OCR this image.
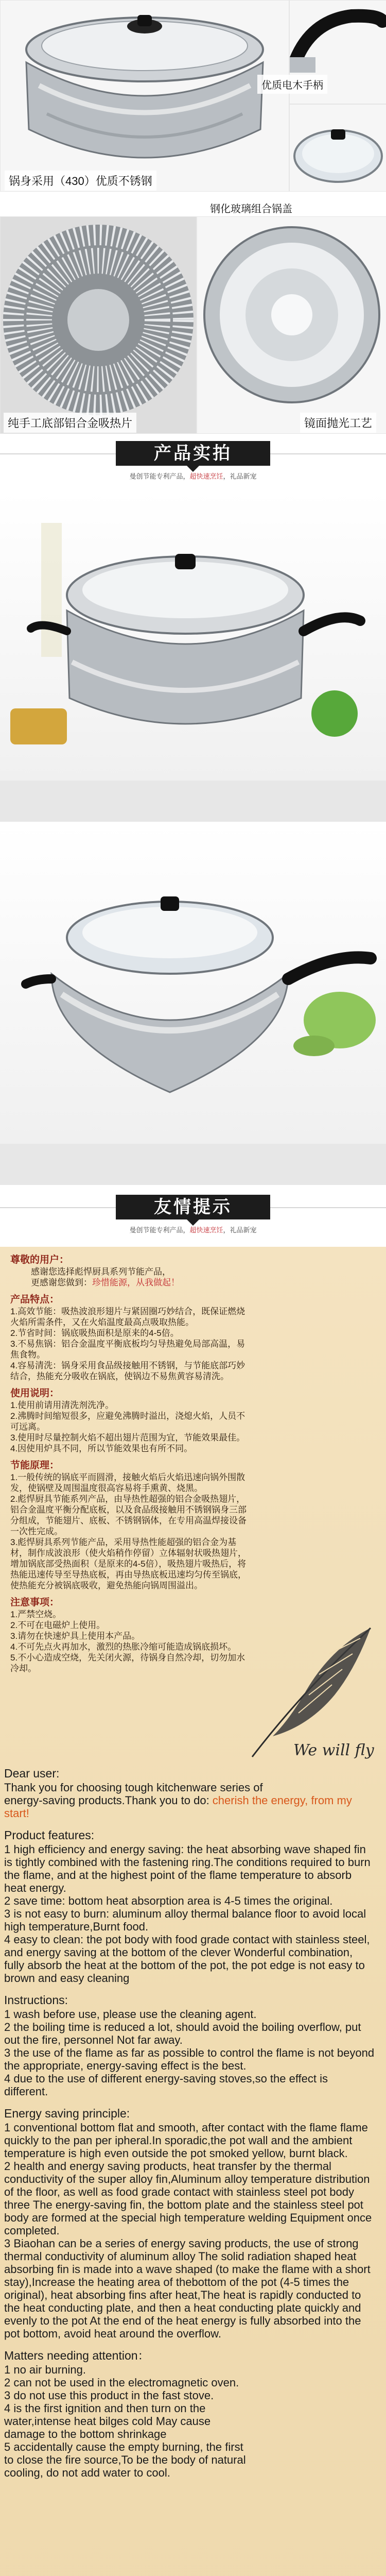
锅身采用（430）优质不锈钢
优质电木手柄
钢化玻璃组合锅盖
纯手工底部铝合金吸热片	镜面抛光工艺
产品实拍
曼创节能专利产品，超快速烹饪，礼品新宠
友情提示
曼创节能专利产品，超快速烹饪，礼品新宠
尊敬的用户：
感谢您选择彪悍厨具系列节能产品，
更感谢您做到：珍惜能源，从我做起！
产品特点：
1.高效节能：吸热波浪形翅片与紧固圈巧妙结合，既保证燃烧火焰所需条件，又在火焰温度最高点吸取热能。
2.节省时间：锅底吸热面积是原来的4-5倍。
3.不易焦锅：铝合金温度平衡底板均匀导热避免局部高温，易焦食物。
4.容易清洗：锅身采用食品级接触用不锈钢，与节能底部巧妙结合，热能充分吸收在锅底，使锅边不易焦黄容易清洗。
使用说明：
1.使用前请用清洗剂洗净。
2.沸腾时间缩短很多，应避免沸腾时溢出，浇熄火焰，人员不可远离。
3.使用时尽量控制火焰不超出翅片范围为宜，节能效果最佳。
4.因使用炉具不同，所以节能效果也有所不同。
节能原理：
1.一般传统的锅底平而圆滑，接触火焰后火焰迅速向锅外围散发，使锅壁及周围温度很高容易将手熏黄、烧黑。
2.彪悍厨具节能系列产品，由导热性超强的铝合金吸热翅片，铝合金温度平衡分配底板，以及食品级接触用不锈钢锅身三部分组成，节能翅片、底板、不锈钢锅体，在专用高温焊接设备一次性完成。
3.彪悍厨具系列节能产品，采用导热性能超强的铝合金为基材，制作成波浪形（使火焰稍作停留）立体辐射状吸热翅片，增加锅底部受热面积（是原来的4-5倍），吸热翅片吸热后，将热能迅速传导至导热底板，再由导热底板迅速均匀传至锅底，使热能充分被锅底吸收，避免热能向锅周围溢出。
注意事项：
1.严禁空烧。
2.不可在电磁炉上使用。
3.请勿在快速炉具上使用本产品。
4.不可先点火再加水，激烈的热胀冷缩可能造成锅底损坏。
5.不小心造成空烧，先关闭火源，待锅身自然冷却，切勿加水冷却。
We will fly
Dear user:
Thank you for choosing tough kitchenware series of
energy-saving products.Thank you to do: cherish the energy, from my start!
Product features:
1 high efficiency and energy saving: the heat absorbing wave shaped fin is tightly combined with the fastening ring.The conditions required to burn the flame, and at the highest point of the flame temperature to absorb heat energy.
2 save time: bottom heat absorption area is 4-5 times the original.
3 is not easy to burn: aluminum alloy thermal balance floor to avoid local high temperature,Burnt food.
4 easy to clean: the pot body with food grade contact with stainless steel, and energy saving at the bottom of the clever Wonderful combination, fully absorb the heat at the bottom of the pot, the pot edge is not easy to brown and easy cleaning
Instructions:
1 wash before use, please use the cleaning agent.
2 the boiling time is reduced a lot, should avoid the boiling overflow, put out the fire, personnel Not far away.
3 the use of the flame as far as possible to control the flame is not beyond the appropriate, energy-saving effect is the best.
4 due to the use of different energy-saving stoves,so the effect is different.
Energy saving principle:
1 conventional bottom flat and smooth, after contact with the flame flame quickly to the pan per ipheral.In sporadic,the pot wall and the ambient temperature is high even outside the pot smoked yellow, burnt black.
2 health and energy saving products, heat transfer by the thermal conductivity of the super alloy fin,Aluminum alloy temperature distribution of the floor, as well as food grade contact with stainless steel pot body three The energy-saving fin, the bottom plate and the stainless steel pot body are formed at the special high temperature welding Equipment once completed.
3 Biaohan can be a series of energy saving products, the use of strong thermal conductivity of aluminum alloy The solid radiation shaped heat absorbing fin is made into a wave shaped (to make the flame with a short stay),Increase the heating area of thebottom of the pot (4-5 times the original), heat absorbing fins after heat,The heat is rapidly conducted to the heat conducting plate, and then a heat conducting plate quickly and evenly to the pot At the end of the heat energy is fully absorbed into the pot bottom, avoid heat around the overflow.
Matters needing attention：
1 no air burning.
2 can not be used in the electromagnetic oven.
3 do not use this product in the fast stove.
4 is the first ignition and then turn on the water,intense heat bilges cold May cause damage to the bottom shrinkage
5 accidentally cause the empty burning, the first to close the fire source,To be the body of natural cooling, do not add water to cool.
